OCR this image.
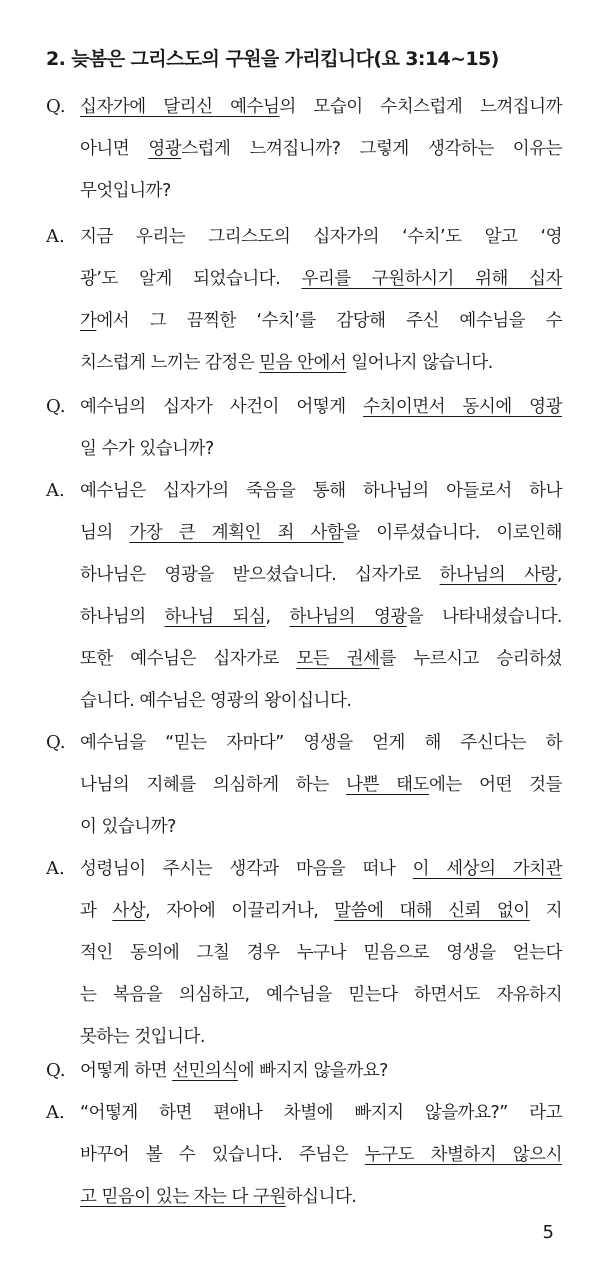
2. 늦봄은 그리스도의 구원을 가리킵니다(요 3:14~15)
Q. 십자가에 달리신 예수님의 모습이 수치스럽게 느껴집니까
아니면 영광스럽게 느껴집니까? 그렇게 생각하는 이유는
무엇입니까?
A. 지금 우리는 그리스도의 십자가의 ‘수치’도 알고 ‘영
광’도 알게 되었습니다. 우리를 구원하시기 위해 십자
가에서 그 끔찍한 ‘수치’를 감당해 주신 예수님을 수
치스럽게 느끼는 감정은 믿음 안에서 일어나지 않습니다.
Q. 예수님의 십자가 사건이 어떻게 수치이면서 동시에 영광
일 수가 있습니까?
A. 예수님은 십자가의 죽음을 통해 하나님의 아들로서 하나
님의 가장 큰 계획인 죄 사함을 이루셨습니다. 이로인해
하나님은 영광을 받으셨습니다. 십자가로 하나님의 사랑,
하나님의 하나님 되심, 하나님의 영광을 나타내셨습니다.
또한 예수님은 십자가로 모든 권세를 누르시고 승리하셨
습니다. 예수님은 영광의 왕이십니다.
Q. 예수님을 “믿는 자마다” 영생을 얻게 해 주신다는 하
나님의 지혜를 의심하게 하는 나쁜 태도에는 어떤 것들
이 있습니까?
A. 성령님이 주시는 생각과 마음을 떠나 이 세상의 가치관
과 사상, 자아에 이끌리거나, 말씀에 대해 신뢰 없이 지
적인 동의에 그칠 경우 누구나 믿음으로 영생을 얻는다
는 복음을 의심하고, 예수님을 믿는다 하면서도 자유하지
못하는 것입니다.
Q. 어떻게 하면 선민의식에 빠지지 않을까요?
A. “어떻게 하면 편애나 차별에 빠지지 않을까요?” 라고
바꾸어 볼 수 있습니다. 주님은 누구도 차별하지 않으시
고 믿음이 있는 자는 다 구원하십니다.
5
